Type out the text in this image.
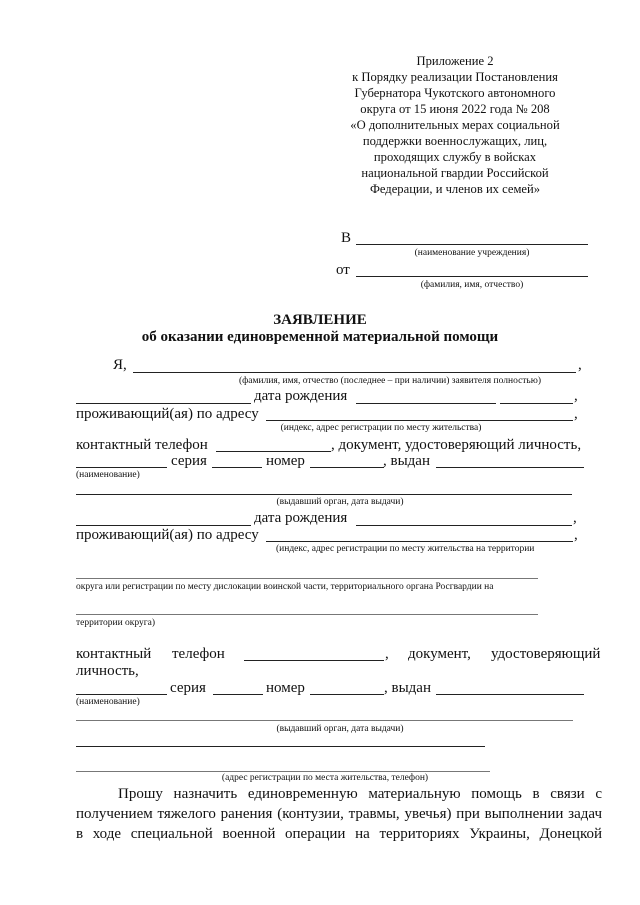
Приложение 2
к Порядку реализации Постановления
Губернатора Чукотского автономного
округа от 15 июня 2022 года № 208
«О дополнительных мерах социальной
поддержки военнослужащих, лиц,
проходящих службу в войсках
национальной гвардии Российской
Федерации, и членов их семей»
В
(наименование учреждения)
от
(фамилия, имя, отчество)
ЗАЯВЛЕНИЕ
об оказании единовременной материальной помощи
Я,	,
(фамилия, имя, отчество (последнее – при наличии) заявителя полностью)
дата рождения	,
проживающий(ая) по адресу	,
(индекс, адрес регистрации по месту жительства)
контактный телефон	, документ, удостоверяющий личность,
серия	номер	, выдан
(наименование)
(выдавший орган, дата выдачи)
дата рождения	,
проживающий(ая) по адресу	,
(индекс, адрес регистрации по месту жительства на территории
округа или регистрации по месту дислокации воинской части, территориального органа Росгвардии на
территории округа)
контактный телефон	, документ, удостоверяющий
личность,
серия	номер	, выдан
(наименование)
(выдавший орган, дата выдачи)
(адрес регистрации по места жительства, телефон)
Прошу назначить единовременную материальную помощь в связи с
получением тяжелого ранения (контузии, травмы, увечья) при выполнении задач
в ходе специальной военной операции на территориях Украины, Донецкой
